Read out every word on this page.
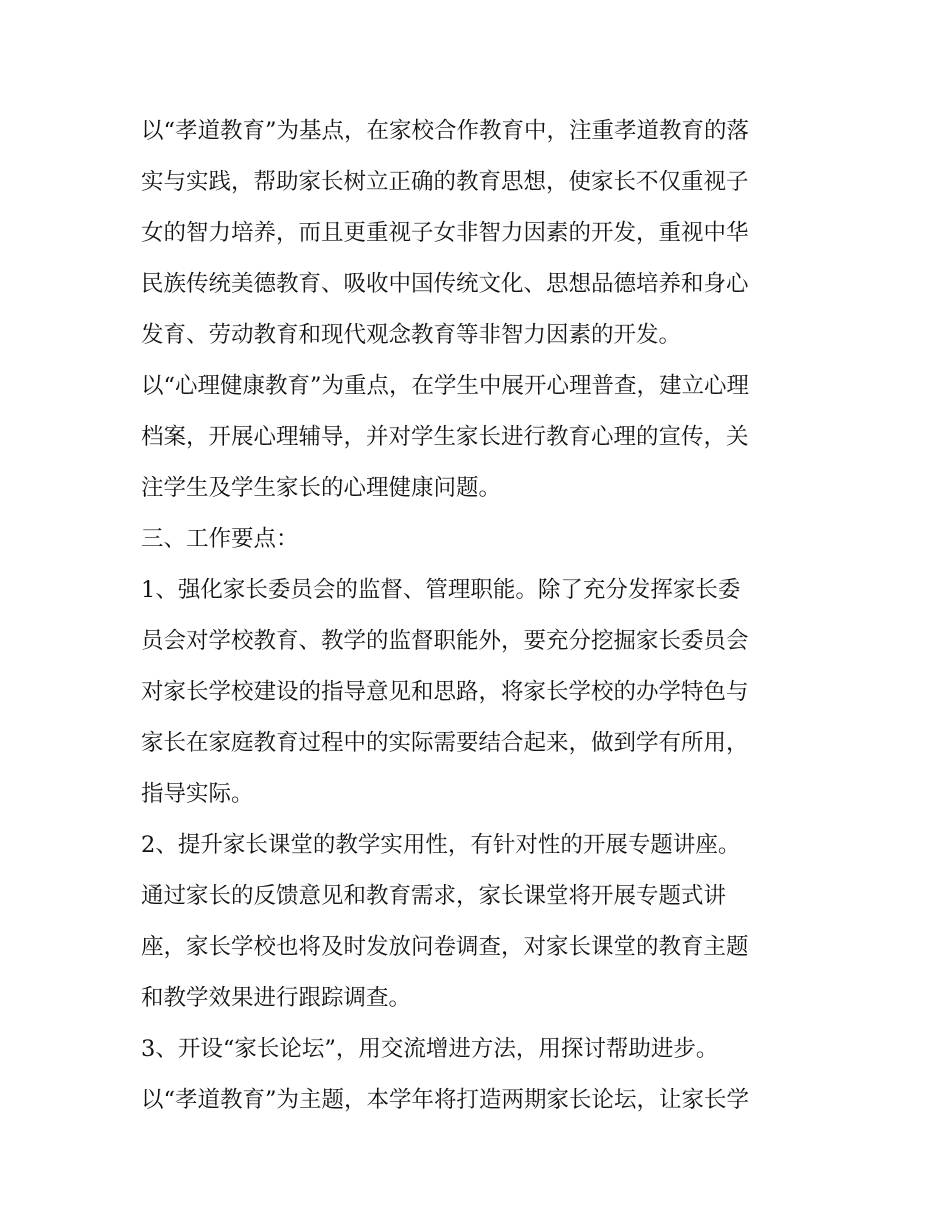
以“孝道教育”为基点，在家校合作教育中，注重孝道教育的落

实与实践，帮助家长树立正确的教育思想，使家长不仅重视子

女的智力培养，而且更重视子女非智力因素的开发，重视中华

民族传统美德教育、吸收中国传统文化、思想品德培养和身心

发育、劳动教育和现代观念教育等非智力因素的开发。

以“心理健康教育”为重点，在学生中展开心理普查，建立心理

档案，开展心理辅导，并对学生家长进行教育心理的宣传，关

注学生及学生家长的心理健康问题。

三、工作要点：

1、强化家长委员会的监督、管理职能。除了充分发挥家长委

员会对学校教育、教学的监督职能外，要充分挖掘家长委员会

对家长学校建设的指导意见和思路，将家长学校的办学特色与

家长在家庭教育过程中的实际需要结合起来，做到学有所用，

指导实际。

2、提升家长课堂的教学实用性，有针对性的开展专题讲座。

通过家长的反馈意见和教育需求，家长课堂将开展专题式讲

座，家长学校也将及时发放问卷调查，对家长课堂的教育主题

和教学效果进行跟踪调查。

3、开设“家长论坛”，用交流增进方法，用探讨帮助进步。

以“孝道教育”为主题，本学年将打造两期家长论坛，让家长学
